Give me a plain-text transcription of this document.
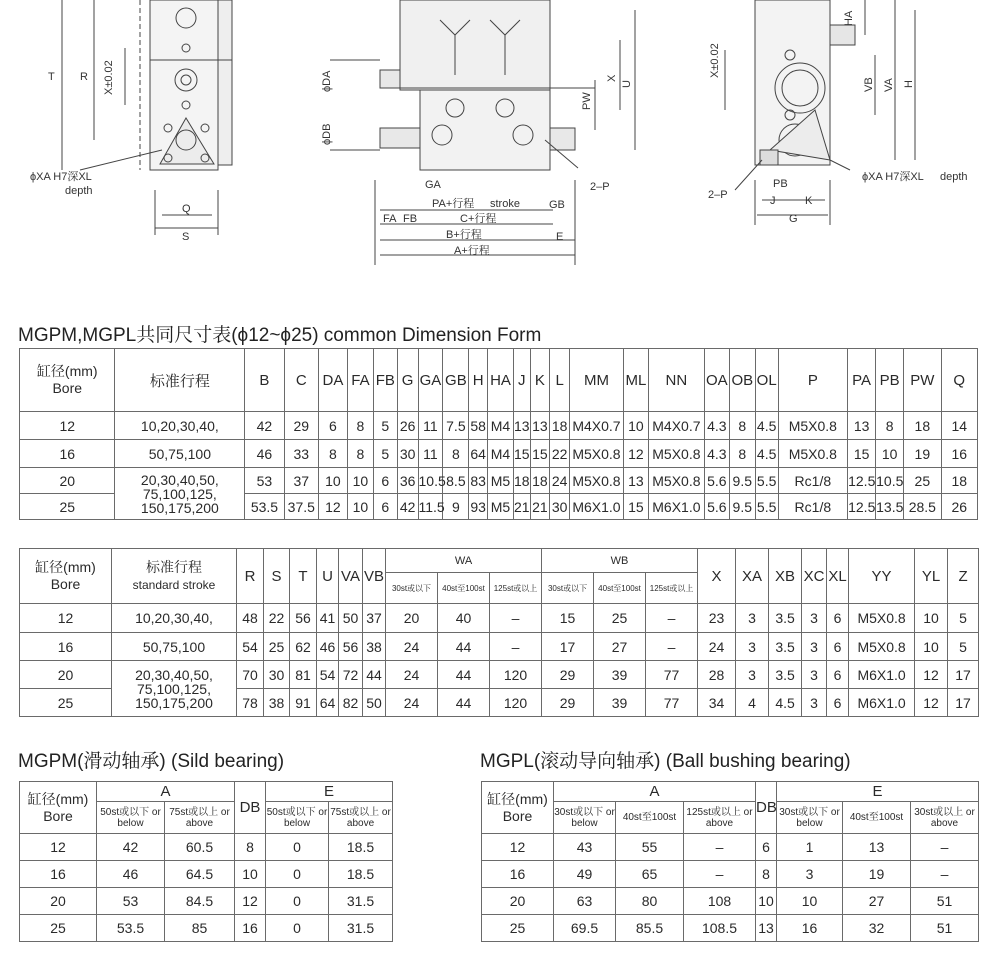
T R X±0.02
ϕXA H7深XL
depth
Q
S
ϕDA
ϕDB
X
U
PW
GA
GB
PA+行程 stroke
C+行程
B+行程
A+行程
FA FB
E
2–P
HA
X±0.02
VB VA H
2–P
PB
J	K
G
ϕXA H7深XL depth
MGPM,MGPL共同尺寸表(ϕ12~ϕ25) common Dimension Form
缸径(mm)
Bore	标准行程	B	C	DA	FA	FB	G	GA	GB	H	HA	J	K	L	MM	ML	NN	OA	OB	OL	P	PA	PB	PW	Q
12	10,20,30,40,	42	29	6	8	5	26	11	7.5	58	M4	13	13	18	M4X0.7	10	M4X0.7	4.3	8	4.5	M5X0.8	13	8	18	14
16	50,75,100	46	33	8	8	5	30	11	8	64	M4	15	15	22	M5X0.8	12	M5X0.8	4.3	8	4.5	M5X0.8	15	10	19	16
20	20,30,40,50,
75,100,125,
150,175,200	53	37	10	10	6	36	10.5	8.5	83	M5	18	18	24	M5X0.8	13	M5X0.8	5.6	9.5	5.5	Rc1/8	12.5	10.5	25	18
25		53.5	37.5	12	10	6	42	11.5	9	93	M5	21	21	30	M6X1.0	15	M6X1.0	5.6	9.5	5.5	Rc1/8	12.5	13.5	28.5	26
缸径(mm)
Bore	标准行程
standard stroke	R	S	T	U	VA	VB	WA			WB			X	XA	XB	XC	XL	YY	YL	Z
								30st或以下	40st至100st	125st或以上	30st或以下	40st至100st	125st或以上								
12	10,20,30,40,	48	22	56	41	50	37	20	40	–	15	25	–	23	3	3.5	3	6	M5X0.8	10	5
16	50,75,100	54	25	62	46	56	38	24	44	–	17	27	–	24	3	3.5	3	6	M5X0.8	10	5
20	20,30,40,50,
75,100,125,
150,175,200	70	30	81	54	72	44	24	44	120	29	39	77	28	3	3.5	3	6	M6X1.0	12	17
25		78	38	91	64	82	50	24	44	120	29	39	77	34	4	4.5	3	6	M6X1.0	12	17
MGPM(滑动轴承) (Sild bearing)
缸径(mm)
Bore	A		DB	E	
	50st或以下 or below	75st或以上 or above		50st或以下 or below	75st或以上 or above
12	42	60.5	8	0	18.5
16	46	64.5	10	0	18.5
20	53	84.5	12	0	31.5
25	53.5	85	16	0	31.5
MGPL(滚动导向轴承) (Ball bushing bearing)
缸径(mm)
Bore	A			DB	E		
	30st或以下 or below	40st至100st	125st或以上 or above		30st或以下 or below	40st至100st	30st或以上 or above
12	43	55	–	6	1	13	–
16	49	65	–	8	3	19	–
20	63	80	108	10	10	27	51
25	69.5	85.5	108.5	13	16	32	51
